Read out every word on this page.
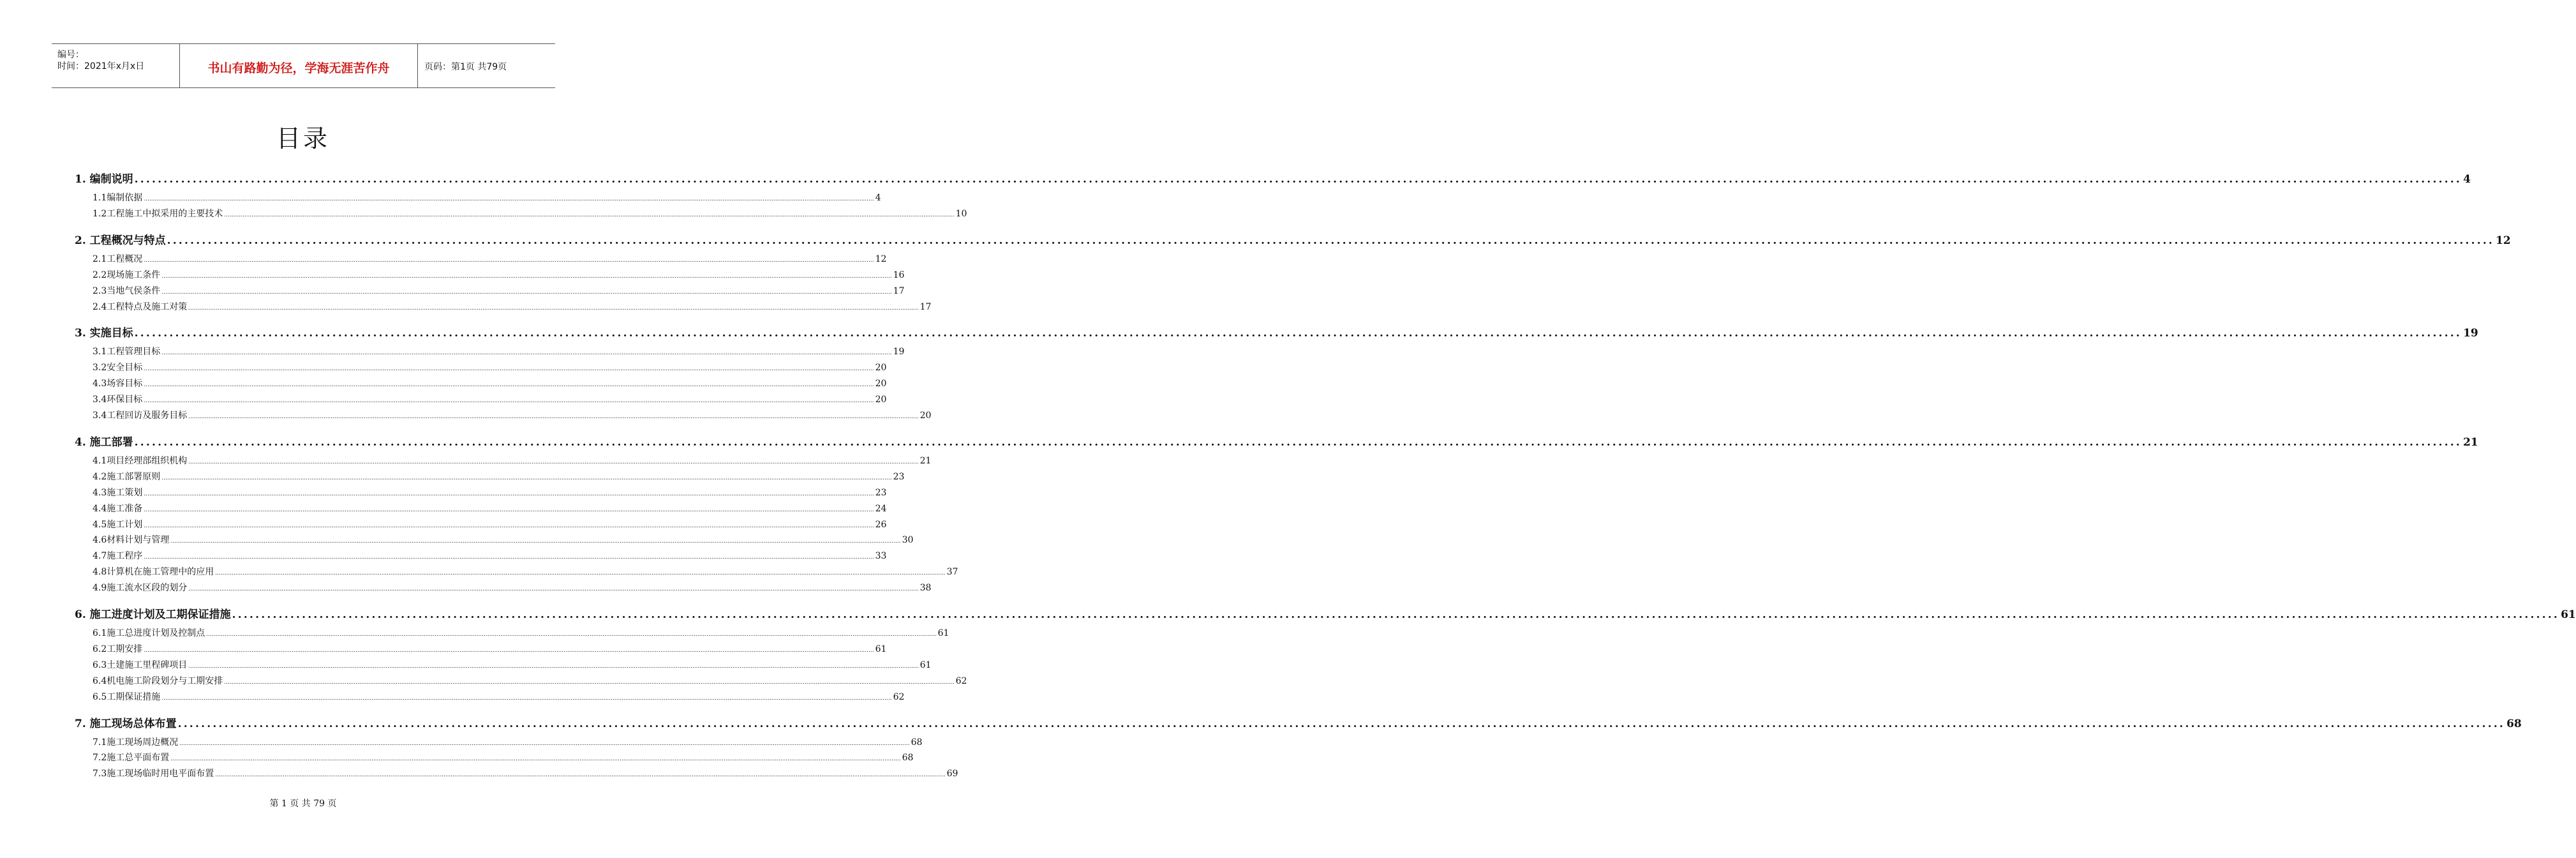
编号：
时间：2021年x月x日	书山有路勤为径，学海无涯苦作舟	页码：第1页 共79页
目录
1. 编制说明 ................................................................................................................................................................................................................................................................................................................................................................................................................ 4
1.1编制依据 ................................................................................................................................................................................................................................................................................................................................................................................................................ 4
1.2工程施工中拟采用的主要技术 ................................................................................................................................................................................................................................................................................................................................................................................................................ 10
2. 工程概况与特点 ................................................................................................................................................................................................................................................................................................................................................................................................................ 12
2.1工程概况 ................................................................................................................................................................................................................................................................................................................................................................................................................ 12
2.2现场施工条件 ................................................................................................................................................................................................................................................................................................................................................................................................................ 16
2.3当地气侯条件 ................................................................................................................................................................................................................................................................................................................................................................................................................ 17
2.4工程特点及施工对策 ................................................................................................................................................................................................................................................................................................................................................................................................................ 17
3. 实施目标 ................................................................................................................................................................................................................................................................................................................................................................................................................ 19
3.1工程管理目标 ................................................................................................................................................................................................................................................................................................................................................................................................................ 19
3.2安全目标 ................................................................................................................................................................................................................................................................................................................................................................................................................ 20
4.3场容目标 ................................................................................................................................................................................................................................................................................................................................................................................................................ 20
3.4环保目标 ................................................................................................................................................................................................................................................................................................................................................................................................................ 20
3.4工程回访及服务目标 ................................................................................................................................................................................................................................................................................................................................................................................................................ 20
4. 施工部署 ................................................................................................................................................................................................................................................................................................................................................................................................................ 21
4.1项目经理部组织机构 ................................................................................................................................................................................................................................................................................................................................................................................................................ 21
4.2施工部署原则 ................................................................................................................................................................................................................................................................................................................................................................................................................ 23
4.3施工策划 ................................................................................................................................................................................................................................................................................................................................................................................................................ 23
4.4施工准备 ................................................................................................................................................................................................................................................................................................................................................................................................................ 24
4.5施工计划 ................................................................................................................................................................................................................................................................................................................................................................................................................ 26
4.6材料计划与管理 ................................................................................................................................................................................................................................................................................................................................................................................................................ 30
4.7施工程序 ................................................................................................................................................................................................................................................................................................................................................................................................................ 33
4.8计算机在施工管理中的应用 ................................................................................................................................................................................................................................................................................................................................................................................................................ 37
4.9施工流水区段的划分 ................................................................................................................................................................................................................................................................................................................................................................................................................ 38
6. 施工进度计划及工期保证措施 ................................................................................................................................................................................................................................................................................................................................................................................................................ 61
6.1施工总进度计划及控制点 ................................................................................................................................................................................................................................................................................................................................................................................................................ 61
6.2工期安排 ................................................................................................................................................................................................................................................................................................................................................................................................................ 61
6.3土建施工里程碑项目 ................................................................................................................................................................................................................................................................................................................................................................................................................ 61
6.4机电施工阶段划分与工期安排 ................................................................................................................................................................................................................................................................................................................................................................................................................ 62
6.5工期保证措施 ................................................................................................................................................................................................................................................................................................................................................................................................................ 62
7. 施工现场总体布置 ................................................................................................................................................................................................................................................................................................................................................................................................................ 68
7.1施工现场周边概况 ................................................................................................................................................................................................................................................................................................................................................................................................................ 68
7.2施工总平面布置 ................................................................................................................................................................................................................................................................................................................................................................................................................ 68
7.3施工现场临时用电平面布置 ................................................................................................................................................................................................................................................................................................................................................................................................................ 69
第 1 页 共 79 页
